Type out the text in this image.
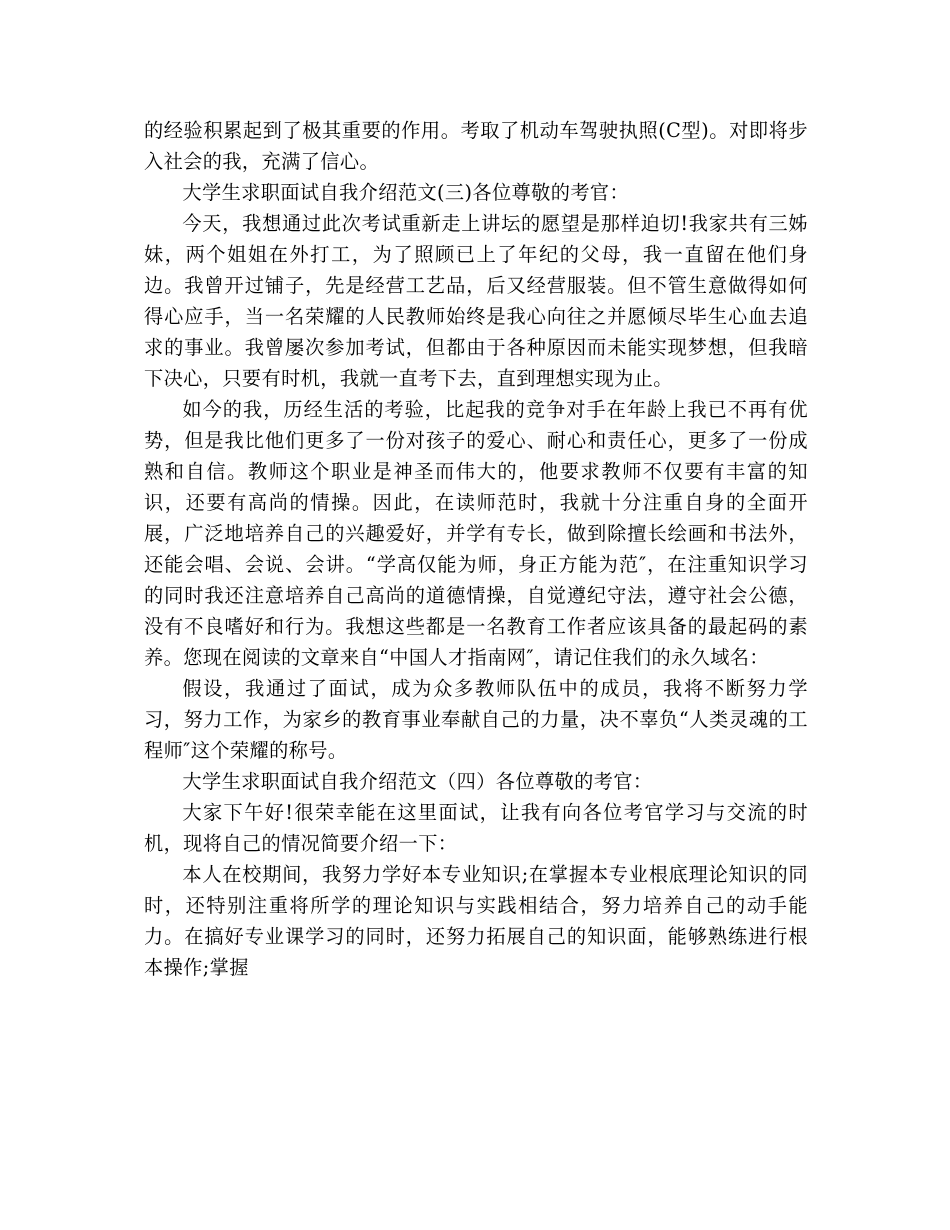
的经验积累起到了极其重要的作用。考取了机动车驾驶执照(C型)。对即将步入社会的我，充满了信心。

大学生求职面试自我介绍范文(三)各位尊敬的考官：

今天，我想通过此次考试重新走上讲坛的愿望是那样迫切!我家共有三姊妹，两个姐姐在外打工，为了照顾已上了年纪的父母，我一直留在他们身边。我曾开过铺子，先是经营工艺品，后又经营服装。但不管生意做得如何得心应手，当一名荣耀的人民教师始终是我心向往之并愿倾尽毕生心血去追求的事业。我曾屡次参加考试，但都由于各种原因而未能实现梦想，但我暗下决心，只要有时机，我就一直考下去，直到理想实现为止。

如今的我，历经生活的考验，比起我的竞争对手在年龄上我已不再有优势，但是我比他们更多了一份对孩子的爱心、耐心和责任心，更多了一份成熟和自信。教师这个职业是神圣而伟大的，他要求教师不仅要有丰富的知识，还要有高尚的情操。因此，在读师范时，我就十分注重自身的全面开展，广泛地培养自己的兴趣爱好，并学有专长，做到除擅长绘画和书法外，还能会唱、会说、会讲。“学高仅能为师，身正方能为范″，在注重知识学习的同时我还注意培养自己高尚的道德情操，自觉遵纪守法，遵守社会公德，没有不良嗜好和行为。我想这些都是一名教育工作者应该具备的最起码的素养。您现在阅读的文章来自“中国人才指南网″，请记住我们的永久域名：

假设，我通过了面试，成为众多教师队伍中的成员，我将不断努力学习，努力工作，为家乡的教育事业奉献自己的力量，决不辜负“人类灵魂的工程师″这个荣耀的称号。

大学生求职面试自我介绍范文（四）各位尊敬的考官：

大家下午好!很荣幸能在这里面试，让我有向各位考官学习与交流的时机，现将自己的情况简要介绍一下：

本人在校期间，我努力学好本专业知识;在掌握本专业根底理论知识的同时，还特别注重将所学的理论知识与实践相结合，努力培养自己的动手能力。在搞好专业课学习的同时，还努力拓展自己的知识面，能够熟练进行根本操作;掌握
